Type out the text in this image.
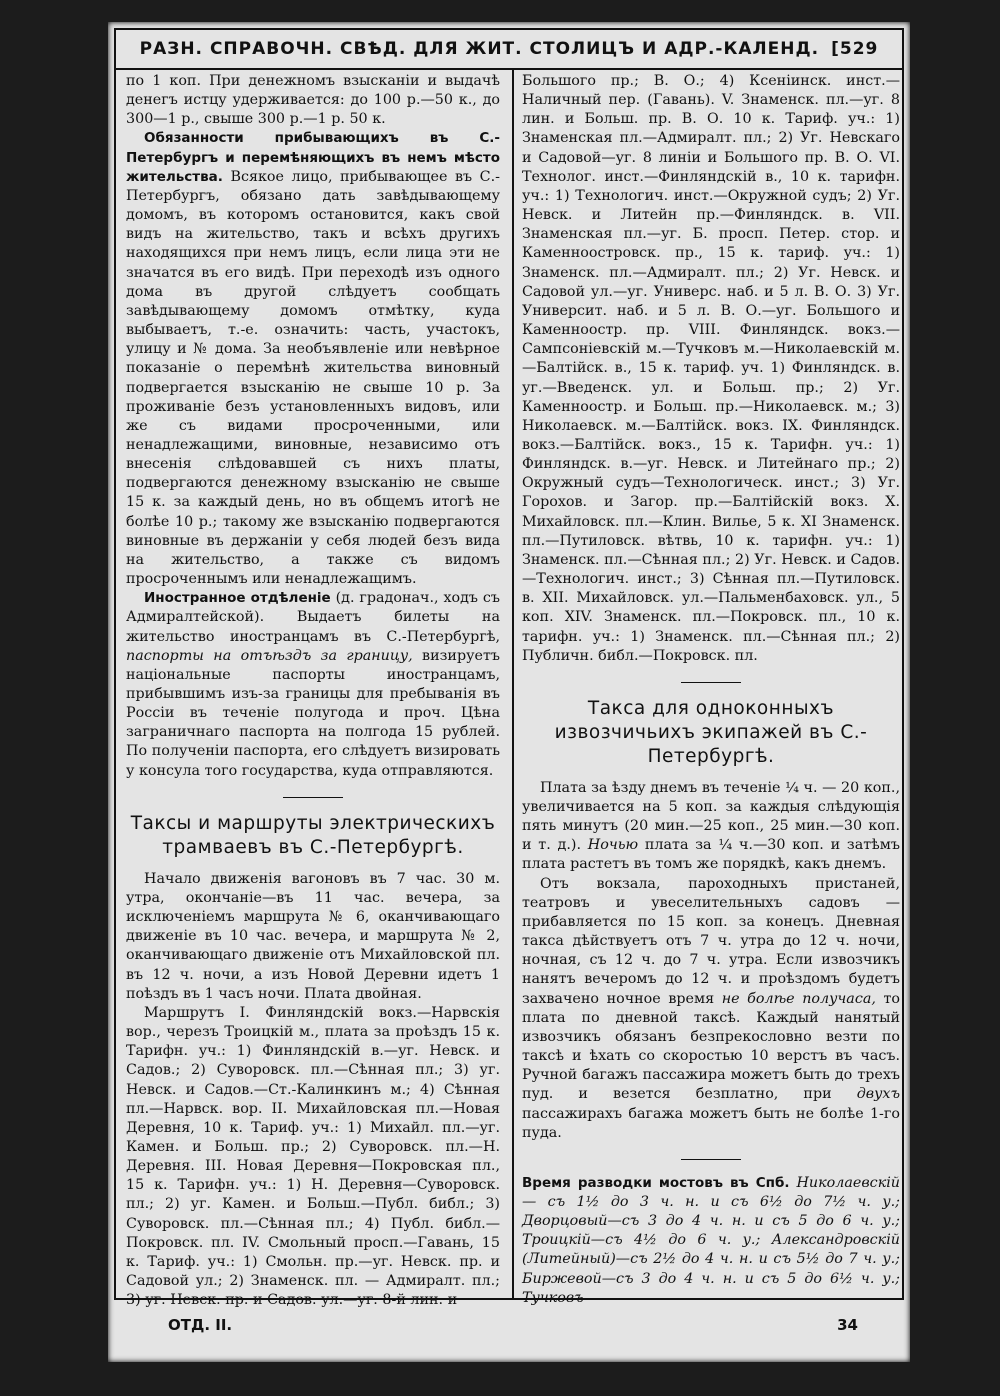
РАЗН. СПРАВОЧН. СВѢД. ДЛЯ ЖИТ. СТОЛИЦЪ И АДР.-КАЛЕНД. [529

по 1 коп. При денежномъ взысканіи и выдачѣ денегъ истцу удерживается: до 100 р.—50 к., до 300—1 р., свыше 300 р.—1 р. 50 к.

Обязанности прибывающихъ въ С.-Петербургъ и перемѣняющихъ въ немъ мѣсто жительства. Всякое лицо, прибывающее въ С.-Петербургъ, обязано дать завѣдывающему домомъ, въ которомъ остановится, какъ свой видъ на жительство, такъ и всѣхъ другихъ находящихся при немъ лицъ, если лица эти не значатся въ его видѣ. При переходѣ изъ одного дома въ другой слѣдуетъ сообщать завѣдывающему домомъ отмѣтку, куда выбываетъ, т.-е. означить: часть, участокъ, улицу и № дома. За необъявленіе или невѣрное показаніе о перемѣнѣ жительства виновный подвергается взысканію не свыше 10 р. За проживаніе безъ установленныхъ видовъ, или же съ видами просроченными, или ненадлежащими, виновные, независимо отъ внесенія слѣдовавшей съ нихъ платы, подвергаются денежному взысканію не свыше 15 к. за каждый день, но въ общемъ итогѣ не болѣе 10 р.; такому же взысканію подвергаются виновные въ держаніи у себя людей безъ вида на жительство, а также съ видомъ просроченнымъ или ненадлежащимъ.

Иностранное отдѣленіе (д. градонач., ходъ съ Адмиралтейской). Выдаетъ билеты на жительство иностранцамъ въ С.-Петербургѣ, паспорты на отъѣздъ за границу, визируетъ національные паспорты иностранцамъ, прибывшимъ изъ-за границы для пребыванія въ Россіи въ теченіе полугода и проч. Цѣна заграничнаго паспорта на полгода 15 рублей. По полученіи паспорта, его слѣдуетъ визировать у консула того государства, куда отправляются.

Таксы и маршруты электрическихъ трамваевъ въ С.-Петербургѣ.

Начало движенія вагоновъ въ 7 час. 30 м. утра, окончаніе—въ 11 час. вечера, за исключеніемъ маршрута № 6, оканчивающаго движеніе въ 10 час. вечера, и маршрута № 2, оканчивающаго движеніе отъ Михайловской пл. въ 12 ч. ночи, а изъ Новой Деревни идетъ 1 поѣздъ въ 1 часъ ночи. Плата двойная.

Маршрутъ I. Финляндскій вокз.—Нарвскія вор., черезъ Троицкій м., плата за проѣздъ 15 к. Тарифн. уч.: 1) Финляндскій в.—уг. Невск. и Садов.; 2) Суворовск. пл.—Сѣнная пл.; 3) уг. Невск. и Садов.—Ст.-Калинкинъ м.; 4) Сѣнная пл.—Нарвск. вор. II. Михайловская пл.—Новая Деревня, 10 к. Тариф. уч.: 1) Михайл. пл.—уг. Камен. и Больш. пр.; 2) Суворовск. пл.—Н. Деревня. III. Новая Деревня—Покровская пл., 15 к. Тарифн. уч.: 1) Н. Деревня—Суворовск. пл.; 2) уг. Камен. и Больш.—Публ. библ.; 3) Суворовск. пл.—Сѣнная пл.; 4) Публ. библ.—Покровск. пл. IV. Смольный просп.—Гавань, 15 к. Тариф. уч.: 1) Смольн. пр.—уг. Невск. пр. и Садовой ул.; 2) Знаменск. пл. — Адмиралт. пл.; 3) уг. Невск. пр. и Садов. ул.—уг. 8-й лин. и

Большого пр.; В. О.; 4) Ксеніинск. инст.—Наличный пер. (Гавань). V. Знаменск. пл.—уг. 8 лин. и Больш. пр. В. О. 10 к. Тариф. уч.: 1) Знаменская пл.—Адмиралт. пл.; 2) Уг. Невскаго и Садовой—уг. 8 линіи и Большого пр. В. О. VI. Технолог. инст.—Финляндскій в., 10 к. тарифн. уч.: 1) Технологич. инст.—Окружной судъ; 2) Уг. Невск. и Литейн пр.—Финляндск. в. VII. Знаменская пл.—уг. Б. просп. Петер. стор. и Каменноостровск. пр., 15 к. тариф. уч.: 1) Знаменск. пл.—Адмиралт. пл.; 2) Уг. Невск. и Садовой ул.—уг. Универс. наб. и 5 л. В. О. 3) Уг. Университ. наб. и 5 л. В. О.—уг. Большого и Каменноостр. пр. VIII. Финляндск. вокз.—Сампсоніевскій м.—Тучковъ м.—Николаевскій м.—Балтійск. в., 15 к. тариф. уч. 1) Финляндск. в. уг.—Введенск. ул. и Больш. пр.; 2) Уг. Каменноостр. и Больш. пр.—Николаевск. м.; 3) Николаевск. м.—Балтійск. вокз. IX. Финляндск. вокз.—Балтійск. вокз., 15 к. Тарифн. уч.: 1) Финляндск. в.—уг. Невск. и Литейнаго пр.; 2) Окружный судъ—Технологическ. инст.; 3) Уг. Горохов. и Загор. пр.—Балтійскій вокз. X. Михайловск. пл.—Клин. Вилье, 5 к. XI Знаменск. пл.—Путиловск. вѣтвь, 10 к. тарифн. уч.: 1) Знаменск. пл.—Сѣнная пл.; 2) Уг. Невск. и Садов.—Технологич. инст.; 3) Сѣнная пл.—Путиловск. в. XII. Михайловск. ул.—Пальменбаховск. ул., 5 коп. XIV. Знаменск. пл.—Покровск. пл., 10 к. тарифн. уч.: 1) Знаменск. пл.—Сѣнная пл.; 2) Публичн. библ.—Покровск. пл.

Такса для одноконныхъ извозчичьихъ экипажей въ С.-Петербургѣ.

Плата за ѣзду днемъ въ теченіе ¼ ч. — 20 коп., увеличивается на 5 коп. за каждыя слѣдующія пять минутъ (20 мин.—25 коп., 25 мин.—30 коп. и т. д.). Ночью плата за ¼ ч.—30 коп. и затѣмъ плата растетъ въ томъ же порядкѣ, какъ днемъ.

Отъ вокзала, пароходныхъ пристаней, театровъ и увеселительныхъ садовъ — прибавляется по 15 коп. за конецъ. Дневная такса дѣйствуетъ отъ 7 ч. утра до 12 ч. ночи, ночная, съ 12 ч. до 7 ч. утра. Если извозчикъ нанятъ вечеромъ до 12 ч. и проѣздомъ будетъ захвачено ночное время не болѣе получаса, то плата по дневной таксѣ. Каждый нанятый извозчикъ обязанъ безпрекословно везти по таксѣ и ѣхать со скоростью 10 верстъ въ часъ. Ручной багажъ пассажира можетъ быть до трехъ пуд. и везется безплатно, при двухъ пассажирахъ багажа можетъ быть не болѣе 1-го пуда.

Время разводки мостовъ въ Спб. Николаевскій — съ 1½ до 3 ч. н. и съ 6½ до 7½ ч. у.; Дворцовый—съ 3 до 4 ч. н. и съ 5 до 6 ч. у.; Троицкій—съ 4½ до 6 ч. у.; Александровскій (Литейный)—съ 2½ до 4 ч. н. и съ 5½ до 7 ч. у.; Биржевой—съ 3 до 4 ч. н. и съ 5 до 6½ ч. у.; Тучковъ

ОТД. II.	34
